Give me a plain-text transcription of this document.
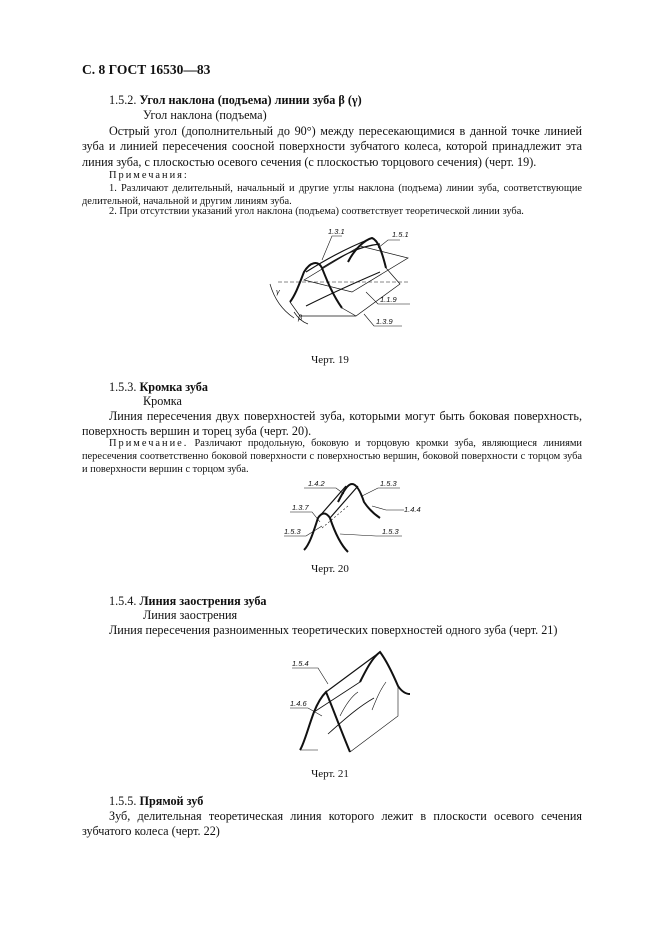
С. 8 ГОСТ 16530—83
1.5.2. Угол наклона (подъема) линии зуба β (γ)
Угол наклона (подъема)
Острый угол (дополнительный до 90°) между пересекающимися в данной точке линией зуба и линией пересечения соосной поверхности зубчатого колеса, которой принадлежит эта линия зуба, с плоскостью осевого сечения (с плоскостью торцового сечения) (черт. 19).
Примечания:
1. Различают делительный, начальный и другие углы наклона (подъема) линии зуба, соответствующие делительной, начальной и другим линиям зуба.
2. При отсутствии указаний угол наклона (подъема) соответствует теоретической линии зуба.
1.3.1	1.5.1
1.1.9
1.3.9
γ
β
Черт. 19
1.5.3. Кромка зуба
Кромка
Линия пересечения двух поверхностей зуба, которыми могут быть боковая поверхность, поверхность вершин и торец зуба (черт. 20).
Примечание. Различают продольную, боковую и торцовую кромки зуба, являющиеся линиями пересечения соответственно боковой поверхности с поверхностью вершин, боковой поверхности с торцом зуба и поверхности вершин с торцом зуба.
1.4.2	1.5.3
1.3.7	1.4.4
1.5.3	1.5.3
Черт. 20
1.5.4. Линия заострения зуба
Линия заострения
Линия пересечения разноименных теоретических поверхностей одного зуба (черт. 21)
1.5.4
1.4.6
Черт. 21
1.5.5. Прямой зуб
Зуб, делительная теоретическая линия которого лежит в плоскости осевого сечения зубчатого колеса (черт. 22)
